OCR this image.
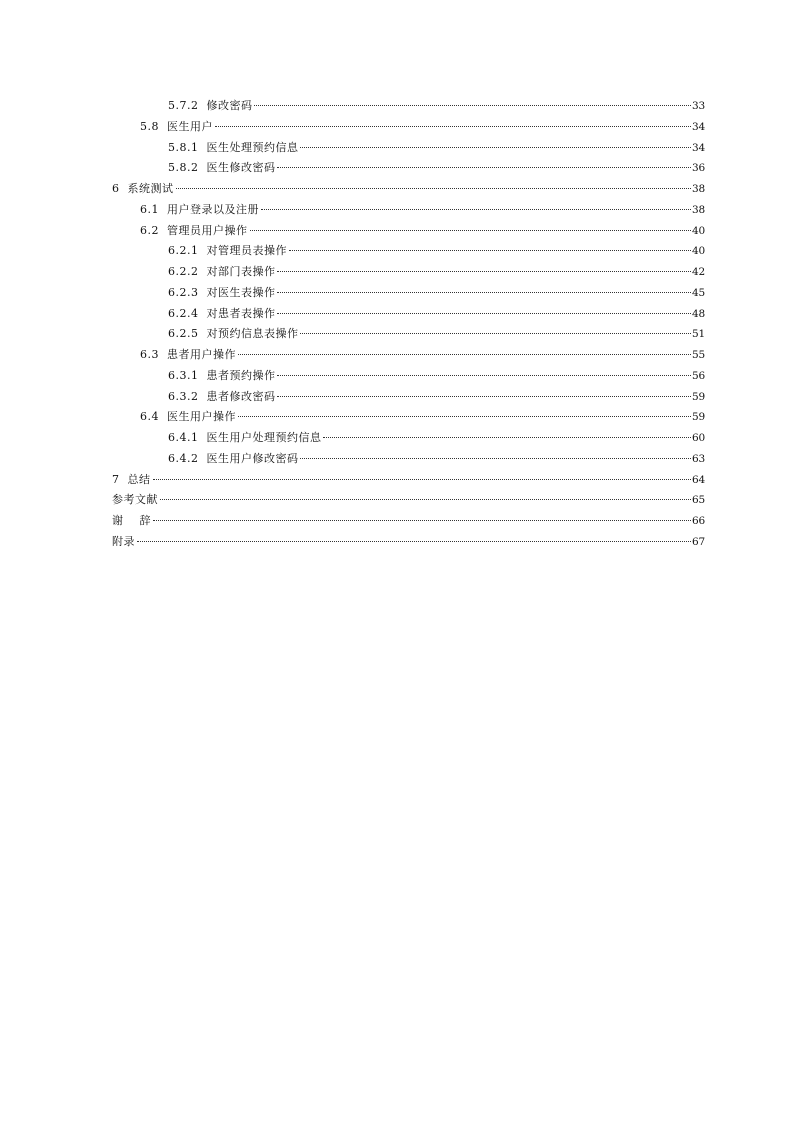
5.7.2  修改密码	33
5.8  医生用户	34
5.8.1  医生处理预约信息	34
5.8.2  医生修改密码	36
6  系统测试	38
6.1  用户登录以及注册	38
6.2  管理员用户操作	40
6.2.1  对管理员表操作	40
6.2.2  对部门表操作	42
6.2.3  对医生表操作	45
6.2.4  对患者表操作	48
6.2.5  对预约信息表操作	51
6.3  患者用户操作	55
6.3.1  患者预约操作	56
6.3.2  患者修改密码	59
6.4  医生用户操作	59
6.4.1  医生用户处理预约信息	60
6.4.2  医生用户修改密码	63
7  总结	64
参考文献	65
谢    辞	66
附录	67
